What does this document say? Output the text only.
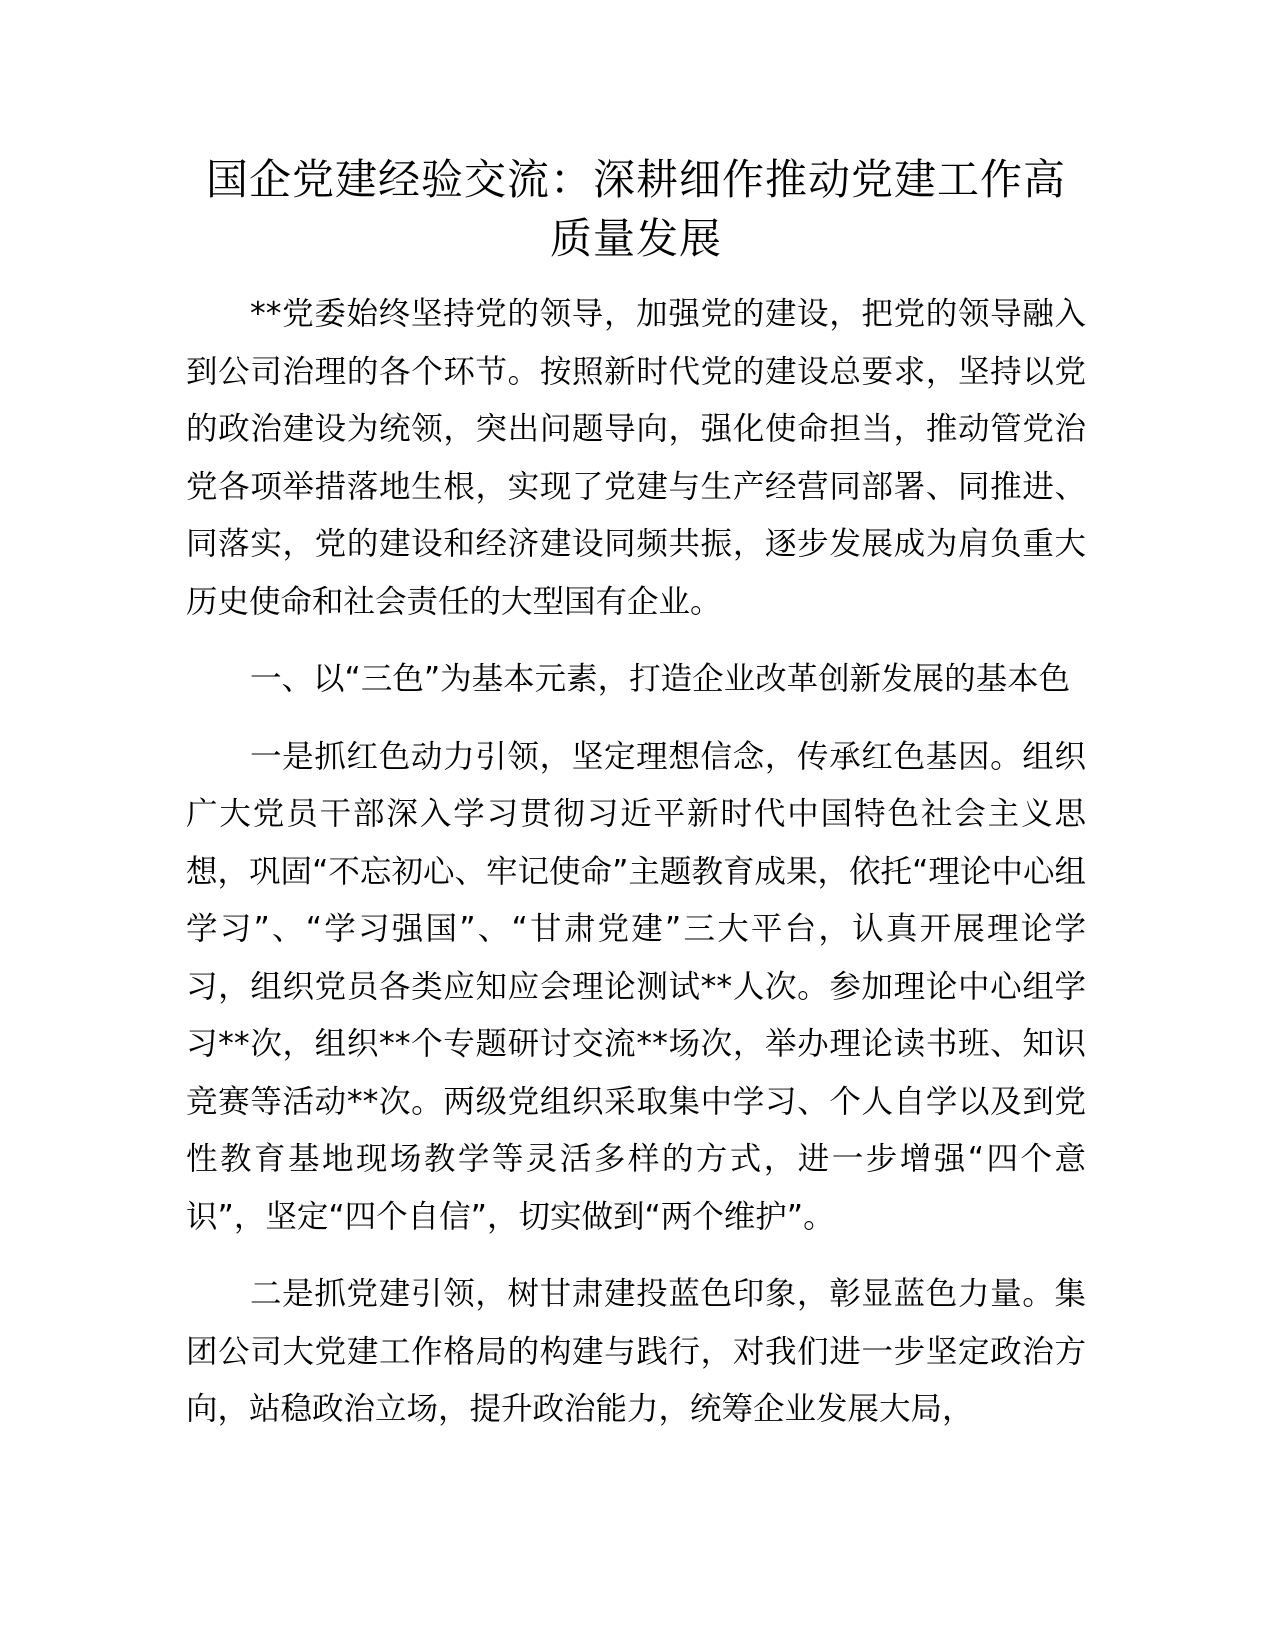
国企党建经验交流：深耕细作推动党建工作高质量发展

**党委始终坚持党的领导，加强党的建设，把党的领导融入到公司治理的各个环节。按照新时代党的建设总要求，坚持以党的政治建设为统领，突出问题导向，强化使命担当，推动管党治党各项举措落地生根，实现了党建与生产经营同部署、同推进、同落实，党的建设和经济建设同频共振，逐步发展成为肩负重大历史使命和社会责任的大型国有企业。

一、以“三色”为基本元素，打造企业改革创新发展的基本色

一是抓红色动力引领，坚定理想信念，传承红色基因。组织广大党员干部深入学习贯彻习近平新时代中国特色社会主义思想，巩固“不忘初心、牢记使命”主题教育成果，依托“理论中心组学习”、“学习强国”、“甘肃党建”三大平台，认真开展理论学习，组织党员各类应知应会理论测试**人次。参加理论中心组学习**次，组织**个专题研讨交流**场次，举办理论读书班、知识竞赛等活动**次。两级党组织采取集中学习、个人自学以及到党性教育基地现场教学等灵活多样的方式，进一步增强“四个意识”，坚定“四个自信”，切实做到“两个维护”。

二是抓党建引领，树甘肃建投蓝色印象，彰显蓝色力量。集团公司大党建工作格局的构建与践行，对我们进一步坚定政治方向，站稳政治立场，提升政治能力，统筹企业发展大局，
